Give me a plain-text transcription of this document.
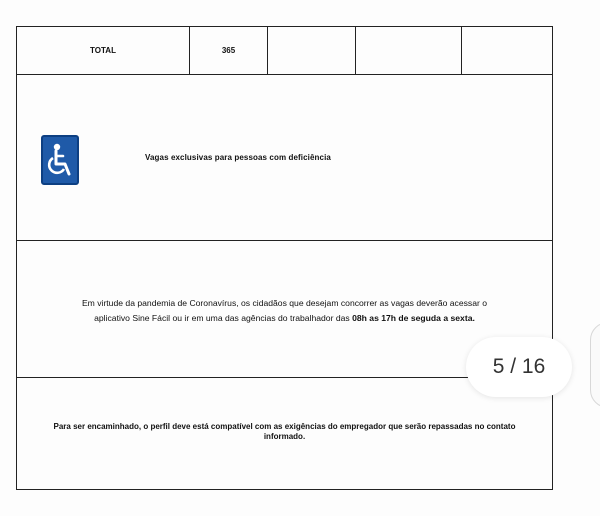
TOTAL	365
Vagas exclusivas para pessoas com deficiência
Em virtude da pandemia de Coronavírus, os cidadãos que desejam concorrer as vagas deverão acessar o
aplicativo Sine Fácil ou ir em uma das agências do trabalhador das 08h as 17h de seguda a sexta.
Para ser encaminhado, o perfil deve está compatível com as exigências do empregador que serão repassadas no contato informado.
5 / 16
